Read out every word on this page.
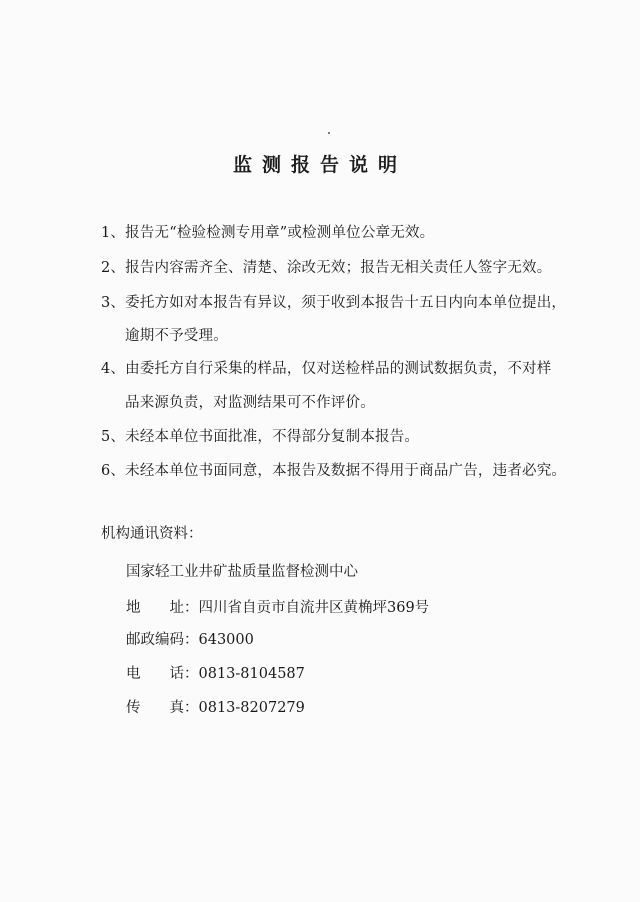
监测报告说明
1、报告无“检验检测专用章”或检测单位公章无效。
2、报告内容需齐全、清楚、涂改无效；报告无相关责任人签字无效。
3、委托方如对本报告有异议，须于收到本报告十五日内向本单位提出，
逾期不予受理。
4、由委托方自行采集的样品，仅对送检样品的测试数据负责，不对样
品来源负责，对监测结果可不作评价。
5、未经本单位书面批准，不得部分复制本报告。
6、未经本单位书面同意，本报告及数据不得用于商品广告，违者必究。
机构通讯资料：
国家轻工业井矿盐质量监督检测中心
地　　址：四川省自贡市自流井区黄桷坪369号
邮政编码：643000
电　　话：0813-8104587
传　　真：0813-8207279
